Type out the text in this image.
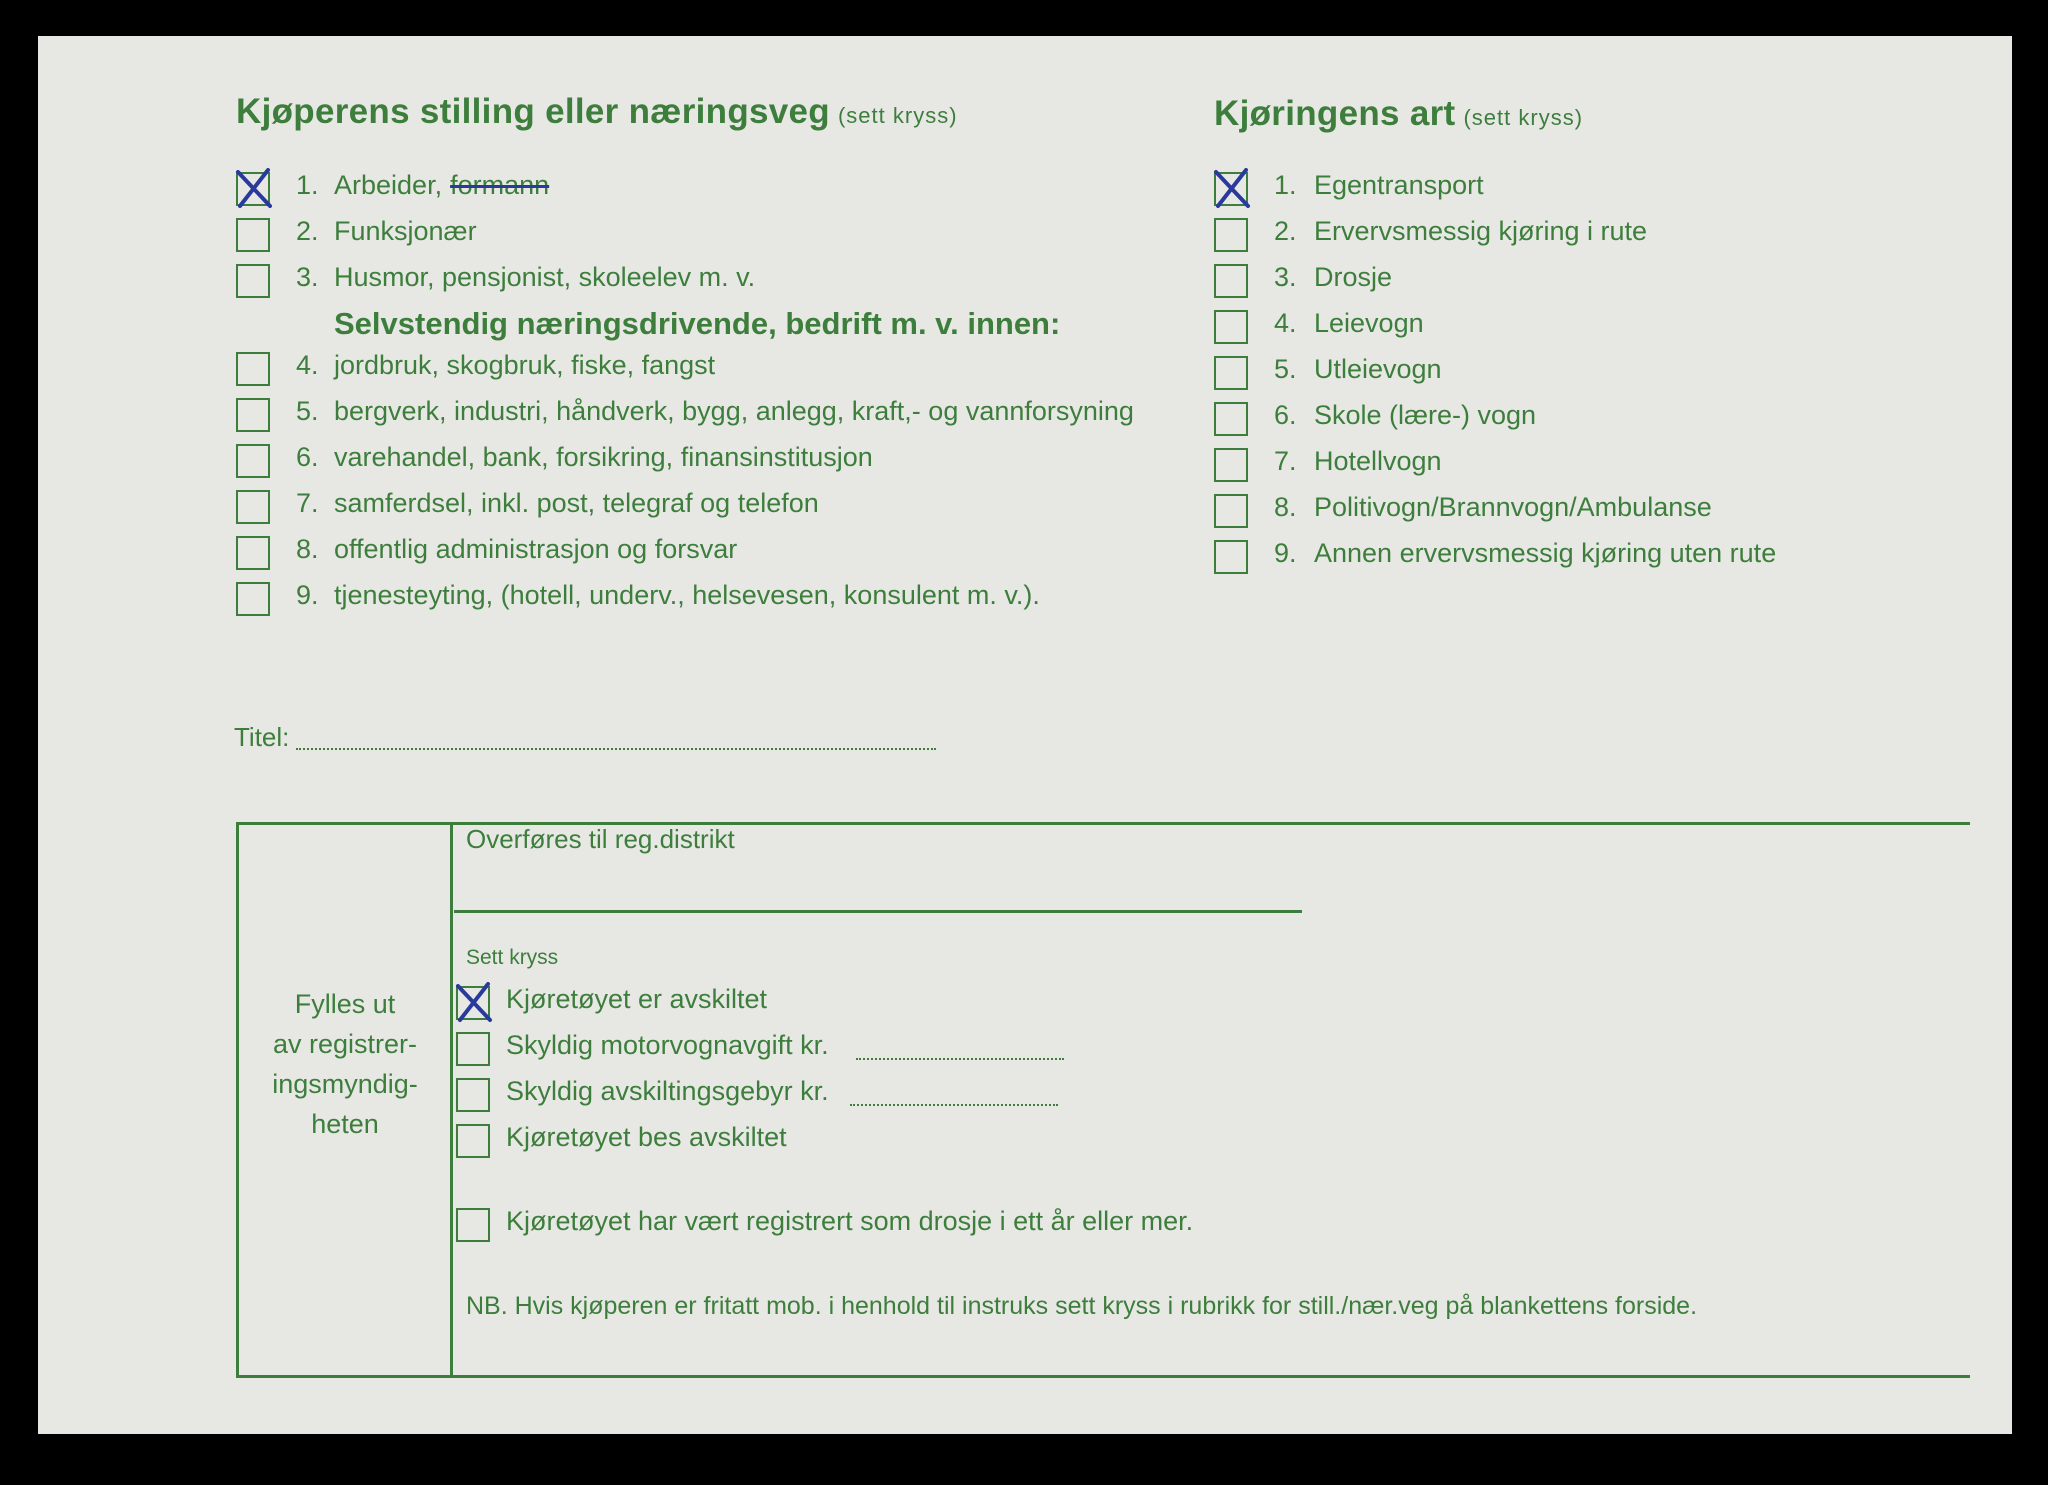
Kjøperens stilling eller næringsveg (sett kryss)
1. Arbeider, formann
2. Funksjonær
3. Husmor, pensjonist, skoleelev m. v.
4. jordbruk, skogbruk, fiske, fangst
5. bergverk, industri, håndverk, bygg, anlegg, kraft,- og vannforsyning
6. varehandel, bank, forsikring, finansinstitusjon
7. samferdsel, inkl. post, telegraf og telefon
8. offentlig administrasjon og forsvar
9. tjenesteyting, (hotell, underv., helsevesen, konsulent m. v.).
Selvstendig næringsdrivende, bedrift m. v. innen:
Kjøringens art (sett kryss)
1. Egentransport
2. Ervervsmessig kjøring i rute
3. Drosje
4. Leievogn
5. Utleievogn
6. Skole (lære-) vogn
7. Hotellvogn
8. Politivogn/Brannvogn/Ambulanse
9. Annen ervervsmessig kjøring uten rute
Titel:
Fylles ut
av registrer-
ingsmyndig-
heten
Overføres til reg.distrikt
Sett kryss
Kjøretøyet er avskiltet
Skyldig motorvognavgift kr.
Skyldig avskiltingsgebyr kr.
Kjøretøyet bes avskiltet
Kjøretøyet har vært registrert som drosje i ett år eller mer.
NB. Hvis kjøperen er fritatt mob. i henhold til instruks sett kryss i rubrikk for still./nær.veg på blankettens forside.
